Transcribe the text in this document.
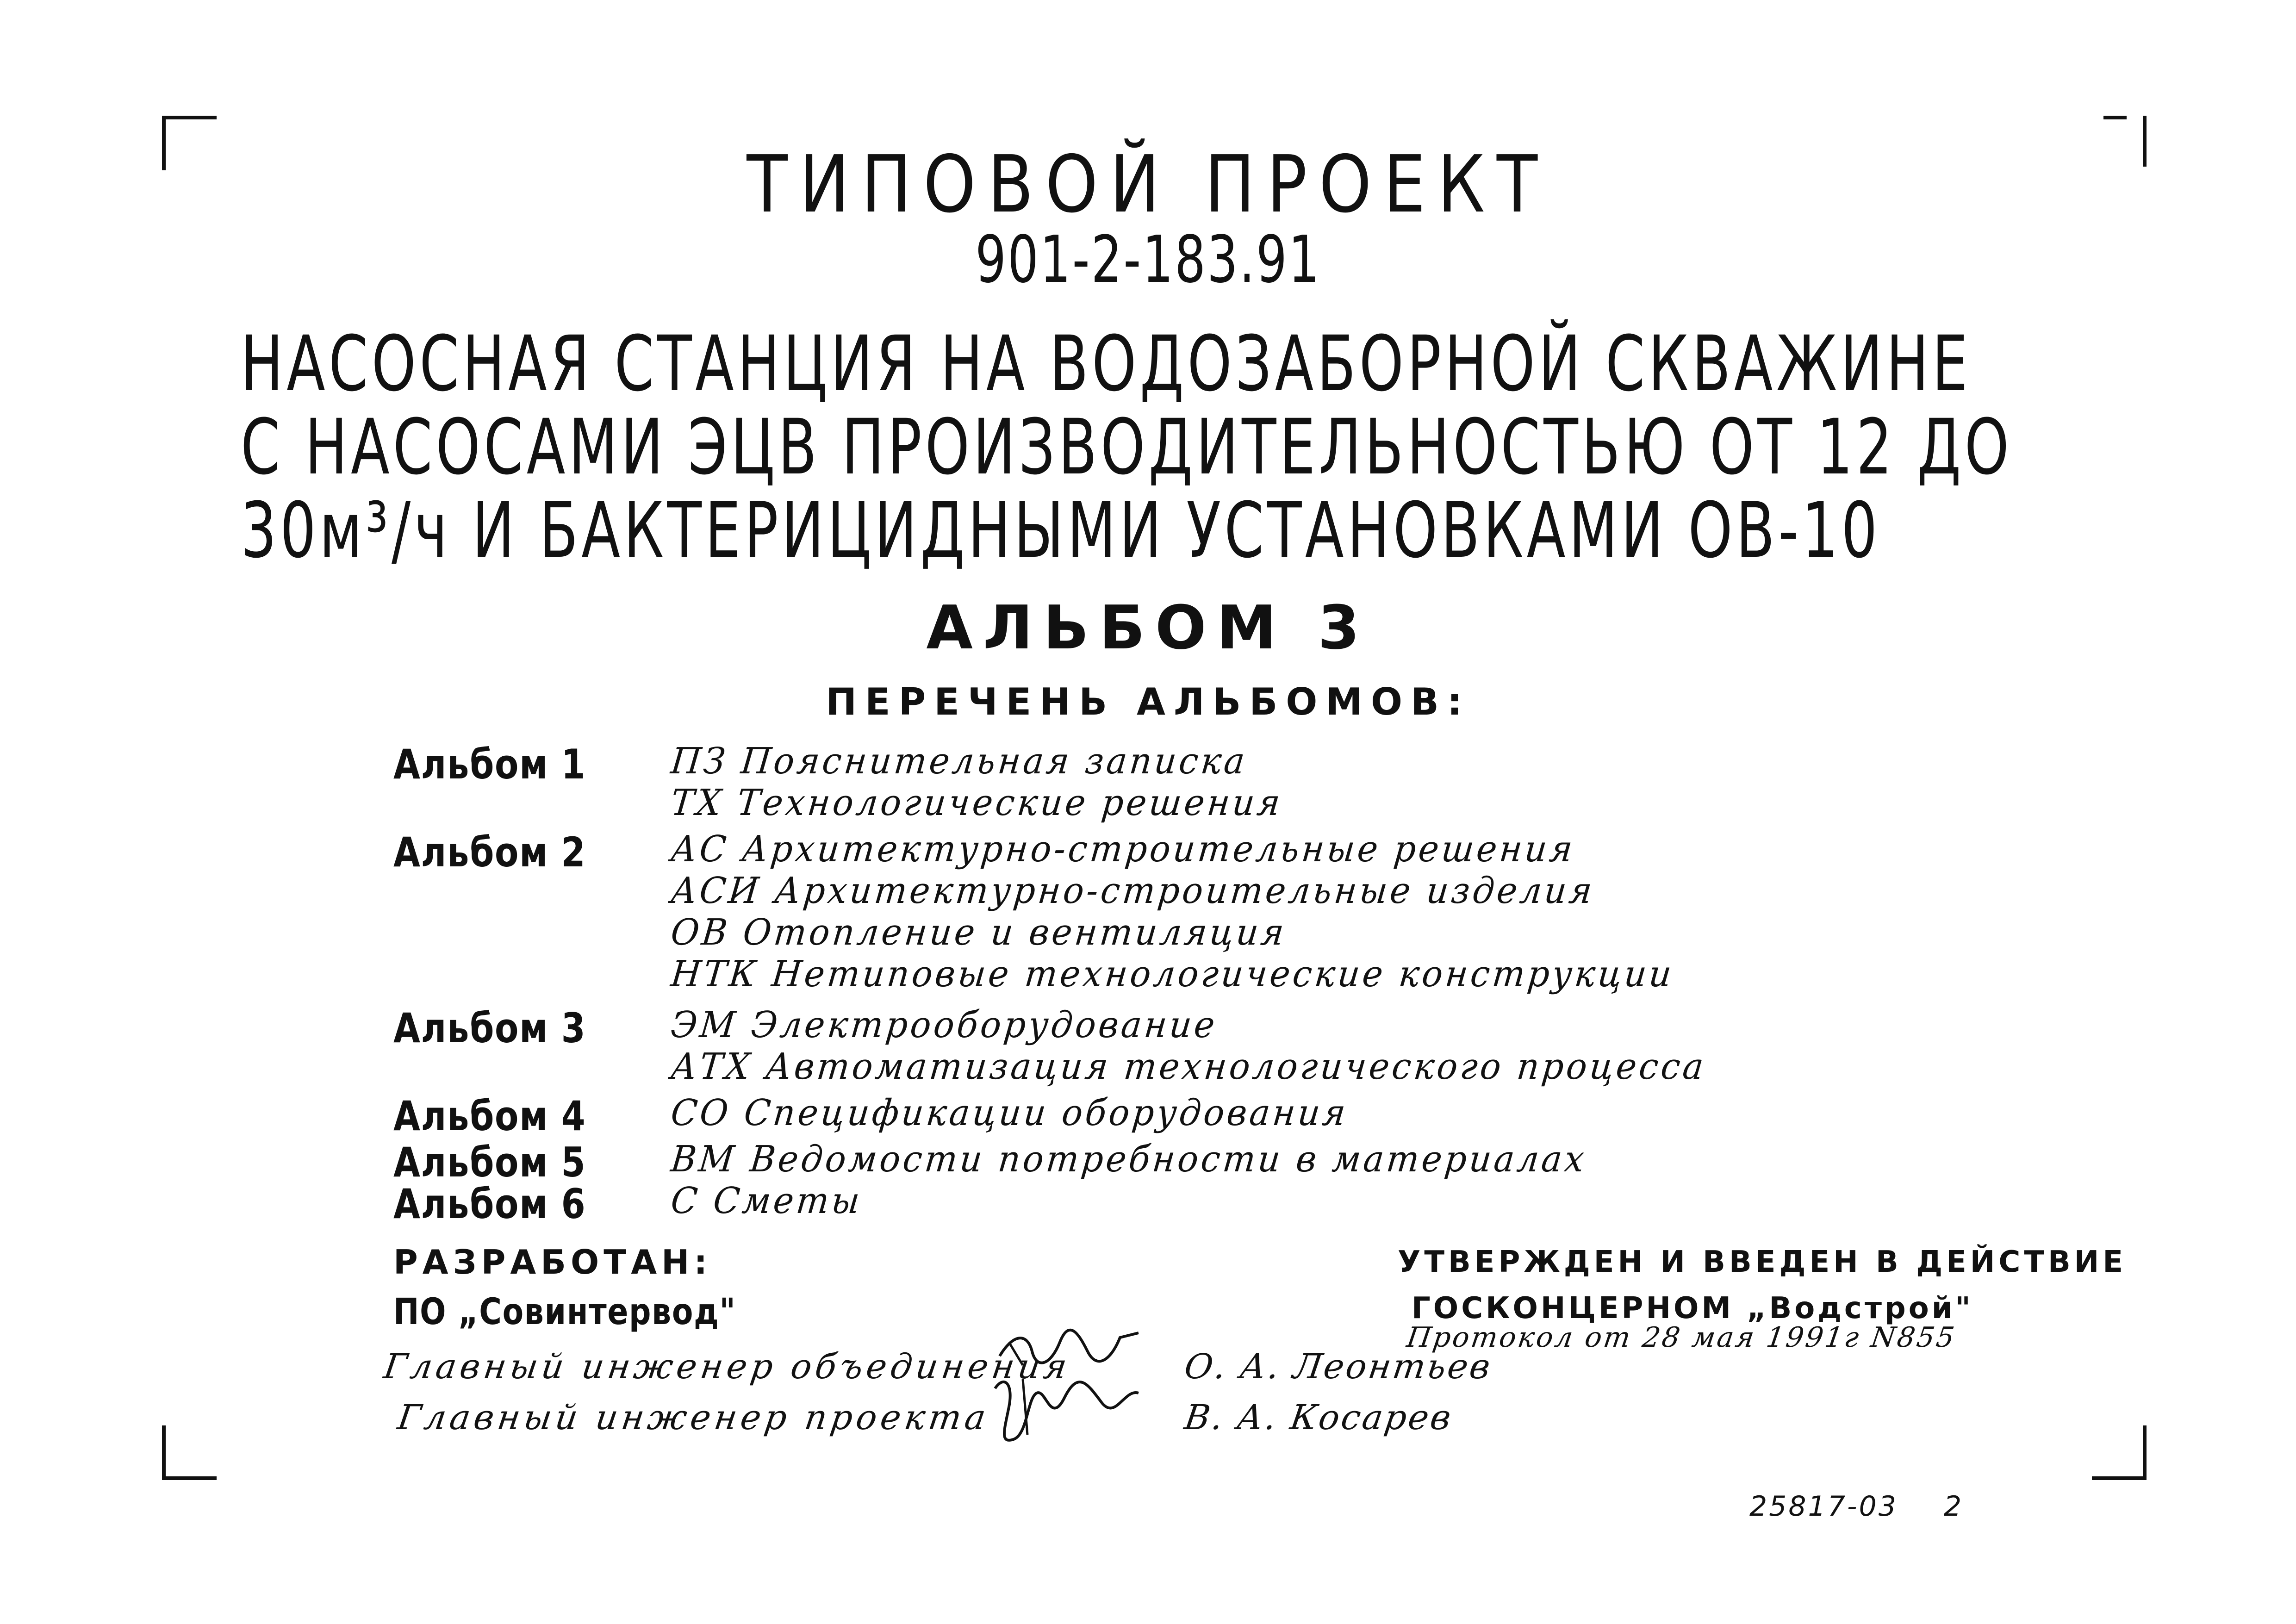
ТИПОВОЙ ПРОЕКТ
901-2-183.91
НАСОСНАЯ СТАНЦИЯ НА ВОДОЗАБОРНОЙ СКВАЖИНЕ
С НАСОСАМИ ЭЦВ ПРОИЗВОДИТЕЛЬНОСТЬЮ ОТ 12 ДО
30м³/ч И БАКТЕРИЦИДНЫМИ УСТАНОВКАМИ ОВ-10
АЛЬБОМ 3
ПЕРЕЧЕНЬ АЛЬБОМОВ:
Альбом 1 ПЗ Пояснительная записка
ТХ Технологические решения
Альбом 2 АС Архитектурно-строительные решения
АСИ Архитектурно-строительные изделия
ОВ Отопление и вентиляция
НТК Нетиповые технологические конструкции
Альбом 3 ЭМ Электрооборудование
АТХ Автоматизация технологического процесса
Альбом 4 СО Спецификации оборудования
Альбом 5 ВМ Ведомости потребности в материалах
Альбом 6 С Сметы
РАЗРАБОТАН:
ПО „Совинтервод"
УТВЕРЖДЕН И ВВЕДЕН В ДЕЙСТВИЕ
ГОСКОНЦЕРНОМ „Водстрой"
Протокол от 28 мая 1991г N855
Главный инженер объединения	О. А. Леонтьев
Главный инженер проекта	В. А. Косарев
25817-03 2
